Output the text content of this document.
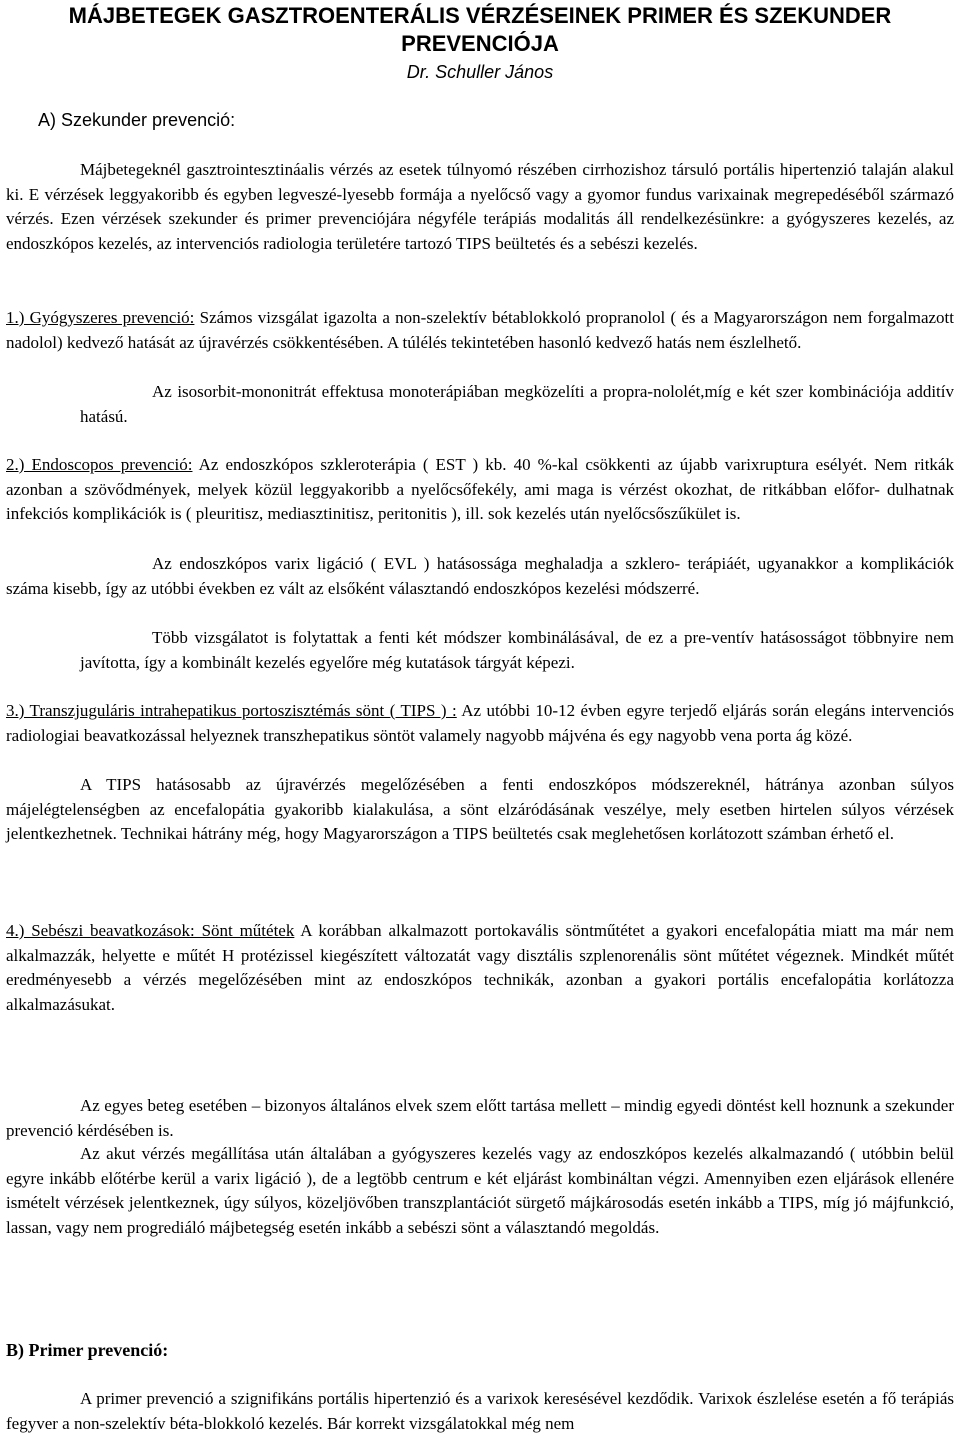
MÁJBETEGEK GASZTROENTERÁLIS VÉRZÉSEINEK PRIMER ÉS SZEKUNDER PREVENCIÓJA
Dr. Schuller János
A) Szekunder prevenció:

Májbetegeknél gasztrointesztináalis vérzés az esetek túlnyomó részében cirrhozishoz társuló portális hipertenzió talaján alakul ki. E vérzések leggyakoribb és egyben legveszé-lyesebb formája a nyelőcső vagy a gyomor fundus varixainak megrepedéséből származó vérzés. Ezen vérzések szekunder és primer prevenciójára négyféle terápiás modalitás áll rendelkezésünkre: a gyógyszeres kezelés, az endoszkópos kezelés, az intervenciós radiologia területére tartozó TIPS beültetés és a sebészi kezelés.

1.) Gyógyszeres prevenció: Számos vizsgálat igazolta a non-szelektív bétablokkoló propranolol ( és a Magyarországon nem forgalmazott nadolol) kedvező hatását az újravérzés csökkentésében. A túlélés tekintetében hasonló kedvező hatás nem észlelhető.

Az isosorbit-mononitrát effektusa monoterápiában megközelíti a propra-nololét,míg e két szer kombinációja additív hatású.

2.) Endoscopos prevenció: Az endoszkópos szkleroterápia ( EST ) kb. 40 %-kal csökkenti az újabb varixruptura esélyét. Nem ritkák azonban a szövődmények, melyek közül leggyakoribb a nyelőcsőfekély, ami maga is vérzést okozhat, de ritkábban előfor- dulhatnak infekciós komplikációk is ( pleuritisz, mediasztinitisz, peritonitis ), ill. sok kezelés után nyelőcsőszűkület is.

Az endoszkópos varix ligáció ( EVL ) hatásossága meghaladja a szklero- terápiáét, ugyanakkor a komplikációk száma kisebb, így az utóbbi években ez vált az elsőként választandó endoszkópos kezelési módszerré.

Több vizsgálatot is folytattak a fenti két módszer kombinálásával, de ez a pre-ventív hatásosságot többnyire nem javította, így a kombinált kezelés egyelőre még kutatások tárgyát képezi.

3.) Transzjuguláris intrahepatikus portoszisztémás sönt ( TIPS ) : Az utóbbi 10-12 évben egyre terjedő eljárás során elegáns intervenciós radiologiai beavatkozással helyeznek transzhepatikus söntöt valamely nagyobb májvéna és egy nagyobb vena porta ág közé.

A TIPS hatásosabb az újravérzés megelőzésében a fenti endoszkópos módszereknél, hátránya azonban súlyos májelégtelenségben az encefalopátia gyakoribb kialakulása, a sönt elzáródásának veszélye, mely esetben hirtelen súlyos vérzések jelentkezhetnek. Technikai hátrány még, hogy Magyarországon a TIPS beültetés csak meglehetősen korlátozott számban érhető el.

4.) Sebészi beavatkozások: Sönt műtétek A korábban alkalmazott portokavális söntműtétet a gyakori encefalopátia miatt ma már nem alkalmazzák, helyette e műtét H protézissel kiegészített változatát vagy disztális szplenorenális sönt műtétet végeznek. Mindkét műtét eredményesebb a vérzés megelőzésében mint az endoszkópos technikák, azonban a gyakori portális encefalopátia korlátozza alkalmazásukat.

Az egyes beteg esetében – bizonyos általános elvek szem előtt tartása mellett – mindig egyedi döntést kell hoznunk a szekunder prevenció kérdésében is.

Az akut vérzés megállítása után általában a gyógyszeres kezelés vagy az endoszkópos kezelés alkalmazandó ( utóbbin belül egyre inkább előtérbe kerül a varix ligáció ), de a legtöbb centrum e két eljárást kombináltan végzi. Amennyiben ezen eljárások ellenére ismételt vérzések jelentkeznek, úgy súlyos, közeljövőben transzplantációt sürgető májkárosodás esetén inkább a TIPS, míg jó májfunkció, lassan, vagy nem progrediáló májbetegség esetén inkább a sebészi sönt a választandó megoldás.

B) Primer prevenció:

A primer prevenció a szignifikáns portális hipertenzió és a varixok keresésével kezdődik. Varixok észlelése esetén a fő terápiás fegyver a non-szelektív béta-blokkoló kezelés. Bár korrekt vizsgálatokkal még nem
